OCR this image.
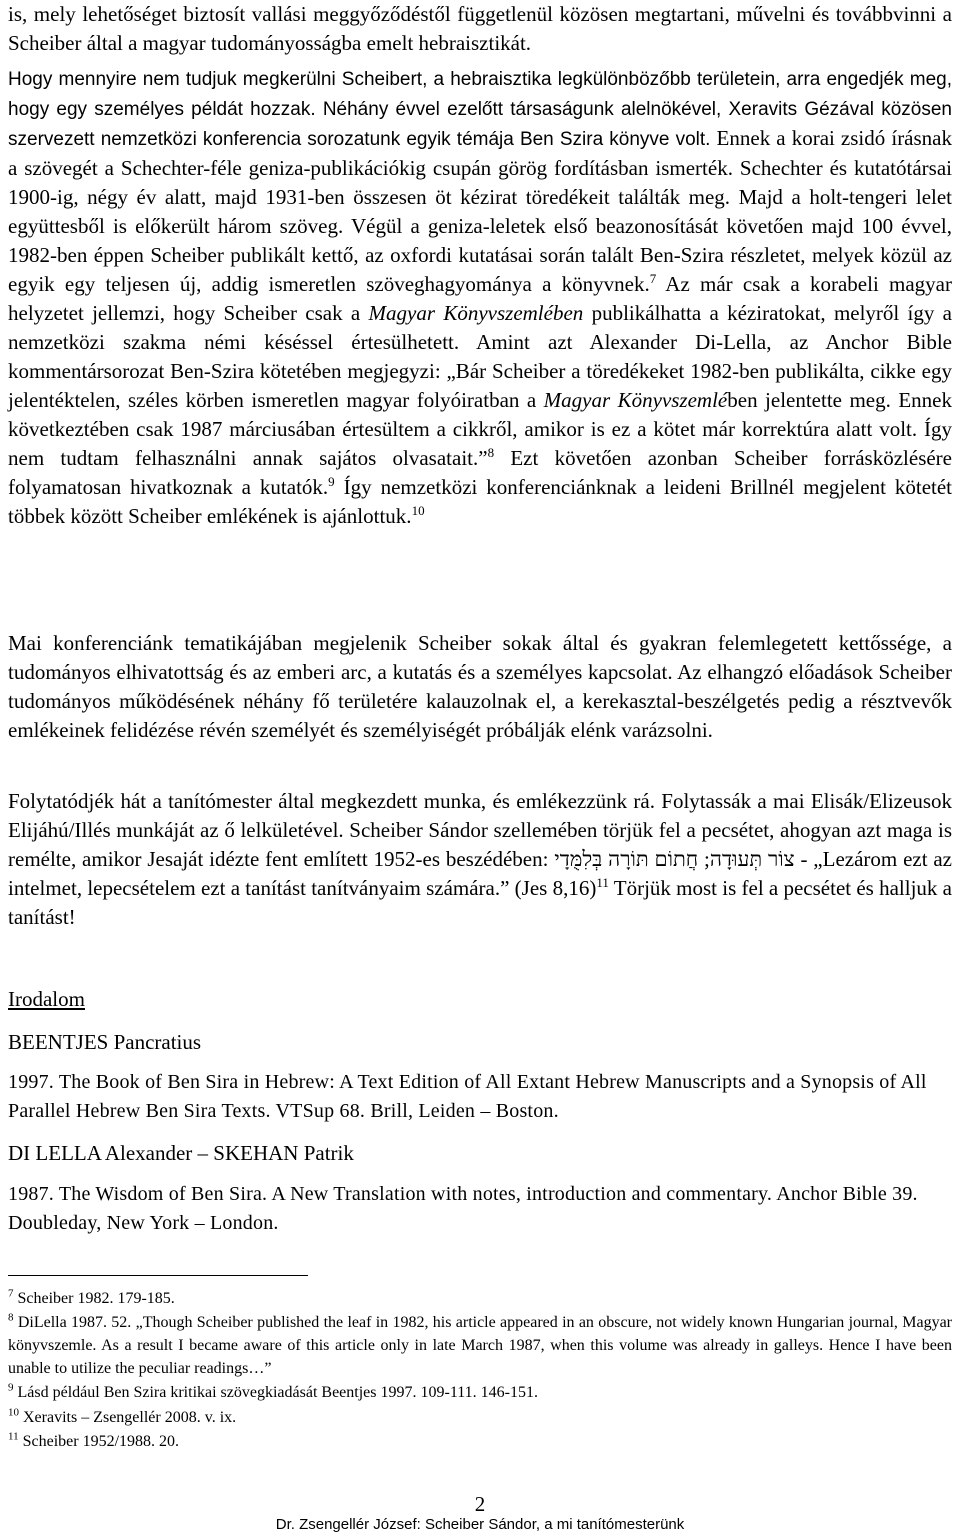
is, mely lehetőséget biztosít vallási meggyőződéstől függetlenül közösen megtartani, művelni és továbbvinni a Scheiber által a magyar tudományosságba emelt hebraisztikát.

Hogy mennyire nem tudjuk megkerülni Scheibert, a hebraisztika legkülönbözőbb területein, arra engedjék meg, hogy egy személyes példát hozzak. Néhány évvel ezelőtt társaságunk alelnökével, Xeravits Gézával közösen szervezett nemzetközi konferencia sorozatunk egyik témája Ben Szira könyve volt. Ennek a korai zsidó írásnak a szövegét a Schechter-féle geniza-publikációkig csupán görög fordításban ismerték. Schechter és kutatótársai 1900-ig, négy év alatt, majd 1931-ben összesen öt kézirat töredékeit találták meg. Majd a holt-tengeri lelet együttesből is előkerült három szöveg. Végül a geniza-leletek első beazonosítását követően majd 100 évvel, 1982-ben éppen Scheiber publikált kettő, az oxfordi kutatásai során talált Ben-Szira részletet, melyek közül az egyik egy teljesen új, addig ismeretlen szöveghagyománya a könyvnek.$^7$ Az már csak a korabeli magyar helyzetet jellemzi, hogy Scheiber csak a Magyar Könyvszemlében publikálhatta a kéziratokat, melyről így a nemzetközi szakma némi késéssel értesülhetett. Amint azt Alexander Di-Lella, az Anchor Bible kommentársorozat Ben-Szira kötetében megjegyzi: „Bár Scheiber a töredékeket 1982-ben publikálta, cikke egy jelentéktelen, széles körben ismeretlen magyar folyóiratban a Magyar Könyvszemlében jelentette meg. Ennek következtében csak 1987 márciusában értesültem a cikkről, amikor is ez a kötet már korrektúra alatt volt. Így nem tudtam felhasználni annak sajátos olvasatait.”$^8$ Ezt követően azonban Scheiber forrásközlésére folyamatosan hivatkoznak a kutatók.$^9$ Így nemzetközi konferenciánknak a leideni Brillnél megjelent kötetét többek között Scheiber emlékének is ajánlottuk.$^{10}$

Mai konferenciánk tematikájában megjelenik Scheiber sokak által és gyakran felemlegetett kettőssége, a tudományos elhivatottság és az emberi arc, a kutatás és a személyes kapcsolat. Az elhangzó előadások Scheiber tudományos működésének néhány fő területére kalauzolnak el, a kerekasztal-beszélgetés pedig a résztvevők emlékeinek felidézése révén személyét és személyiségét próbálják elénk varázsolni.

Folytatódjék hát a tanítómester által megkezdett munka, és emlékezzünk rá. Folytassák a mai Elisák/Elizeusok Elijáhú/Illés munkáját az ő lelkületével. Scheiber Sándor szellemében törjük fel a pecsétet, ahogyan azt maga is remélte, amikor Jesaját idézte fent említett 1952-es beszédében: צוֹר תְּעוּדָה; חֲתוֹם תּוֹרָה בְּלִמֻּדָי - „Lezárom ezt az intelmet, lepecsételem ezt a tanítást tanítványaim számára.” (Jes 8,16)$^{11}$ Törjük most is fel a pecsétet és halljuk a tanítást!

Irodalom

BEENTJES Pancratius

1997. The Book of Ben Sira in Hebrew: A Text Edition of All Extant Hebrew Manuscripts and a Synopsis of All Parallel Hebrew Ben Sira Texts. VTSup 68. Brill, Leiden – Boston.

DI LELLA Alexander – SKEHAN Patrik

1987. The Wisdom of Ben Sira. A New Translation with notes, introduction and commentary. Anchor Bible 39. Doubleday, New York – London.

$^7$ Scheiber 1982. 179-185.

$^8$ DiLella 1987. 52. „Though Scheiber published the leaf in 1982, his article appeared in an obscure, not widely known Hungarian journal, Magyar könyvszemle. As a result I became aware of this article only in late March 1987, when this volume was already in galleys. Hence I have been unable to utilize the peculiar readings…”

$^9$ Lásd például Ben Szira kritikai szövegkiadását Beentjes 1997. 109-111. 146-151.

$^{10}$ Xeravits – Zsengellér 2008. v. ix.

$^{11}$ Scheiber 1952/1988. 20.

2

Dr. Zsengellér József: Scheiber Sándor, a mi tanítómesterünk
